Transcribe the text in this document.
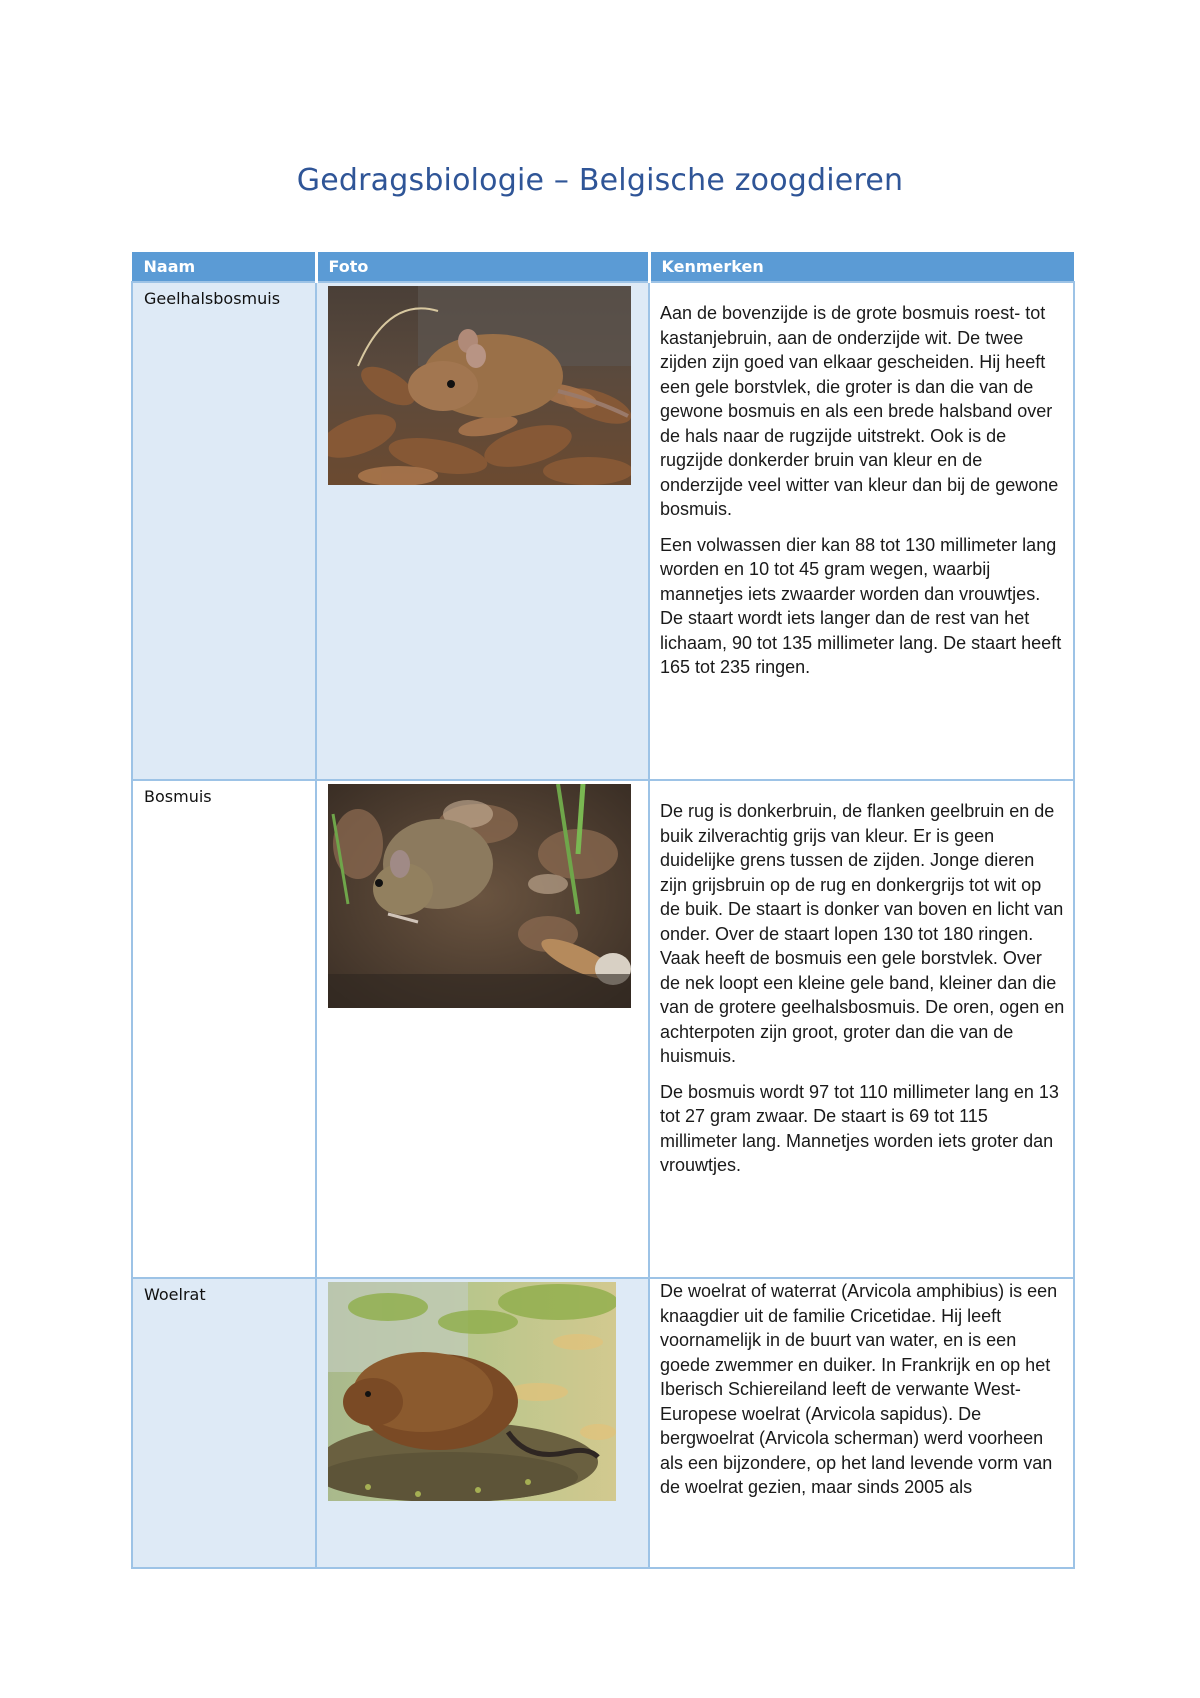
Gedragsbiologie – Belgische zoogdieren
Naam	Foto	Kenmerken
Geelhalsbosmuis		Aan de bovenzijde is de grote bosmuis roest- tot kastanjebruin, aan de onderzijde wit. De twee zijden zijn goed van elkaar gescheiden. Hij heeft een gele borstvlek, die groter is dan die van de gewone bosmuis en als een brede halsband over de hals naar de rugzijde uitstrekt. Ook is de rugzijde donkerder bruin van kleur en de onderzijde veel witter van kleur dan bij de gewone bosmuis.

Een volwassen dier kan 88 tot 130 millimeter lang worden en 10 tot 45 gram wegen, waarbij mannetjes iets zwaarder worden dan vrouwtjes. De staart wordt iets langer dan de rest van het lichaam, 90 tot 135 millimeter lang. De staart heeft 165 tot 235 ringen.

Bosmuis		De rug is donkerbruin, de flanken geelbruin en de buik zilverachtig grijs van kleur. Er is geen duidelijke grens tussen de zijden. Jonge dieren zijn grijsbruin op de rug en donkergrijs tot wit op de buik. De staart is donker van boven en licht van onder. Over de staart lopen 130 tot 180 ringen. Vaak heeft de bosmuis een gele borstvlek. Over de nek loopt een kleine gele band, kleiner dan die van de grotere geelhalsbosmuis. De oren, ogen en achterpoten zijn groot, groter dan die van de huismuis.

De bosmuis wordt 97 tot 110 millimeter lang en 13 tot 27 gram zwaar. De staart is 69 tot 115 millimeter lang. Mannetjes worden iets groter dan vrouwtjes.

Woelrat		De woelrat of waterrat (Arvicola amphibius) is een knaagdier uit de familie Cricetidae. Hij leeft voornamelijk in de buurt van water, en is een goede zwemmer en duiker. In Frankrijk en op het Iberisch Schiereiland leeft de verwante West-Europese woelrat (Arvicola sapidus). De bergwoelrat (Arvicola scherman) werd voorheen als een bijzondere, op het land levende vorm van de woelrat gezien, maar sinds 2005 als
